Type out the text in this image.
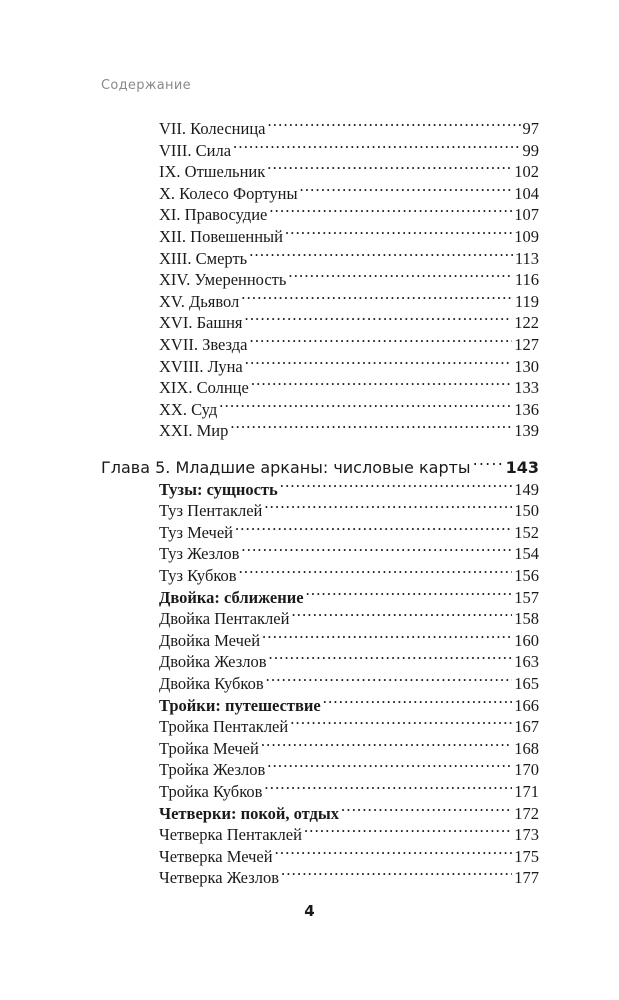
Содержание
VII. Колесница .....	97
VIII. Сила .....	99
IX. Отшельник .....	102
X. Колесо Фортуны .....	104
XI. Правосудие .....	107
XII. Повешенный .....	109
XIII. Смерть .....	113
XIV. Умеренность .....	116
XV. Дьявол .....	119
XVI. Башня .....	122
XVII. Звезда .....	127
XVIII. Луна .....	130
XIX. Солнце .....	133
XX. Суд .....	136
XXI. Мир .....	139
Глава 5. Младшие арканы: числовые карты ..... 143
Тузы: сущность .....	149
Туз Пентаклей .....	150
Туз Мечей .....	152
Туз Жезлов .....	154
Туз Кубков .....	156
Двойка: сближение .....	157
Двойка Пентаклей .....	158
Двойка Мечей .....	160
Двойка Жезлов .....	163
Двойка Кубков .....	165
Тройки: путешествие .....	166
Тройка Пентаклей .....	167
Тройка Мечей .....	168
Тройка Жезлов .....	170
Тройка Кубков .....	171
Четверки: покой, отдых .....	172
Четверка Пентаклей .....	173
Четверка Мечей .....	175
Четверка Жезлов .....	177
4
